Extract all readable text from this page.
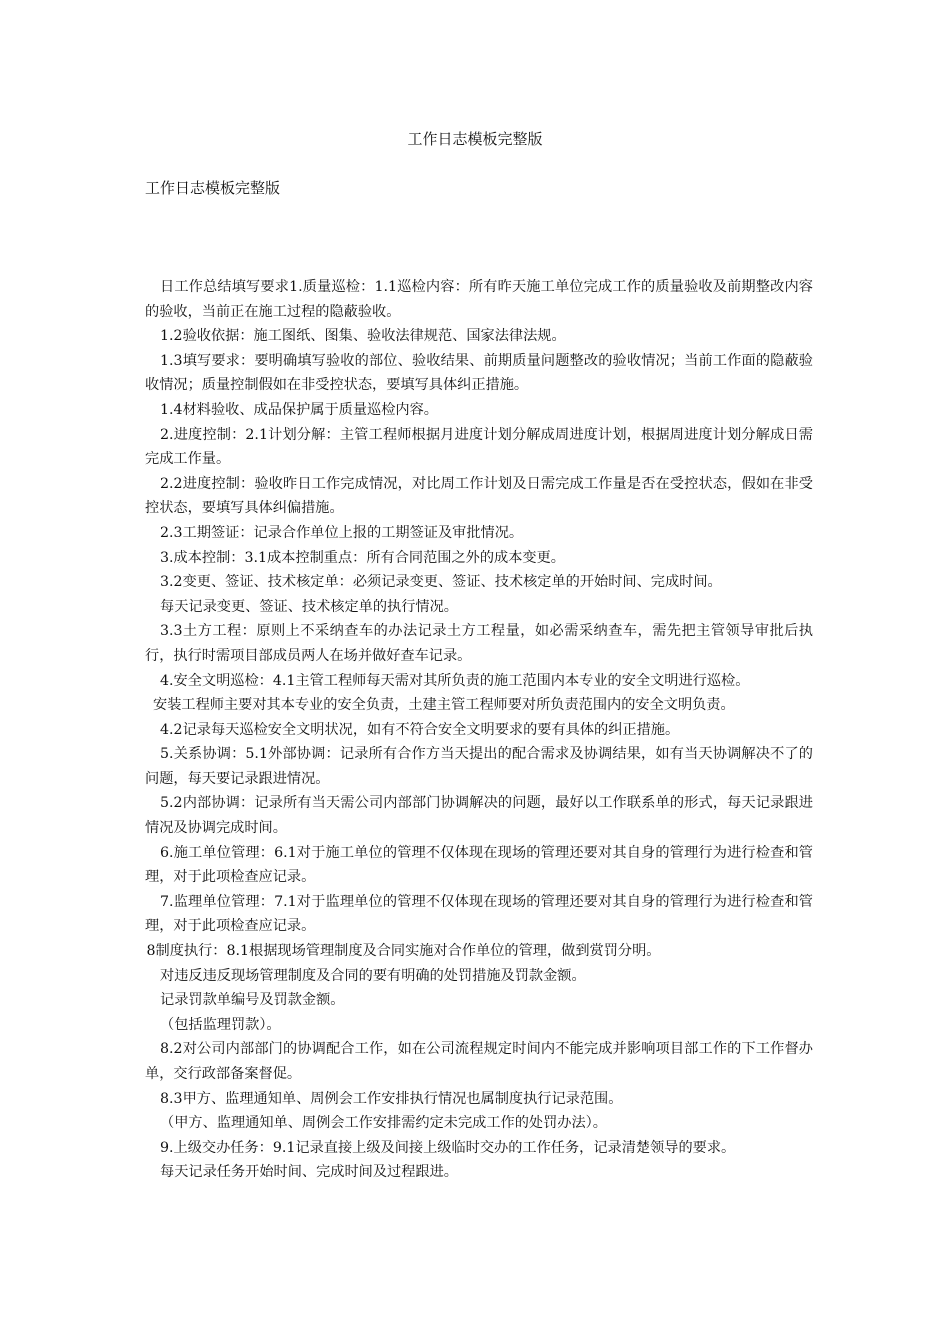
工作日志模板完整版
工作日志模板完整版

日工作总结填写要求1.质量巡检：1.1巡检内容：所有昨天施工单位完成工作的质量验收及前期整改内容的验收，当前正在施工过程的隐蔽验收。

1.2验收依据：施工图纸、图集、验收法律规范、国家法律法规。

1.3填写要求：要明确填写验收的部位、验收结果、前期质量问题整改的验收情况；当前工作面的隐蔽验收情况；质量控制假如在非受控状态，要填写具体纠正措施。

1.4材料验收、成品保护属于质量巡检内容。

2.进度控制：2.1计划分解：主管工程师根据月进度计划分解成周进度计划，根据周进度计划分解成日需完成工作量。

2.2进度控制：验收昨日工作完成情况，对比周工作计划及日需完成工作量是否在受控状态，假如在非受控状态，要填写具体纠偏措施。

2.3工期签证：记录合作单位上报的工期签证及审批情况。

3.成本控制：3.1成本控制重点：所有合同范围之外的成本变更。

3.2变更、签证、技术核定单：必须记录变更、签证、技术核定单的开始时间、完成时间。

每天记录变更、签证、技术核定单的执行情况。

3.3土方工程：原则上不采纳查车的办法记录土方工程量，如必需采纳查车，需先把主管领导审批后执行，执行时需项目部成员两人在场并做好查车记录。

4.安全文明巡检：4.1主管工程师每天需对其所负责的施工范围内本专业的安全文明进行巡检。

安装工程师主要对其本专业的安全负责，土建主管工程师要对所负责范围内的安全文明负责。

4.2记录每天巡检安全文明状况，如有不符合安全文明要求的要有具体的纠正措施。

5.关系协调：5.1外部协调：记录所有合作方当天提出的配合需求及协调结果，如有当天协调解决不了的问题，每天要记录跟进情况。

5.2内部协调：记录所有当天需公司内部部门协调解决的问题，最好以工作联系单的形式，每天记录跟进情况及协调完成时间。

6.施工单位管理：6.1对于施工单位的管理不仅体现在现场的管理还要对其自身的管理行为进行检查和管理，对于此项检查应记录。

7.监理单位管理：7.1对于监理单位的管理不仅体现在现场的管理还要对其自身的管理行为进行检查和管理，对于此项检查应记录。

8制度执行：8.1根据现场管理制度及合同实施对合作单位的管理，做到赏罚分明。

对违反违反现场管理制度及合同的要有明确的处罚措施及罚款金额。

记录罚款单编号及罚款金额。

（包括监理罚款）。

8.2对公司内部部门的协调配合工作，如在公司流程规定时间内不能完成并影响项目部工作的下工作督办单，交行政部备案督促。

8.3甲方、监理通知单、周例会工作安排执行情况也属制度执行记录范围。

（甲方、监理通知单、周例会工作安排需约定未完成工作的处罚办法）。

9.上级交办任务：9.1记录直接上级及间接上级临时交办的工作任务，记录清楚领导的要求。

每天记录任务开始时间、完成时间及过程跟进。
